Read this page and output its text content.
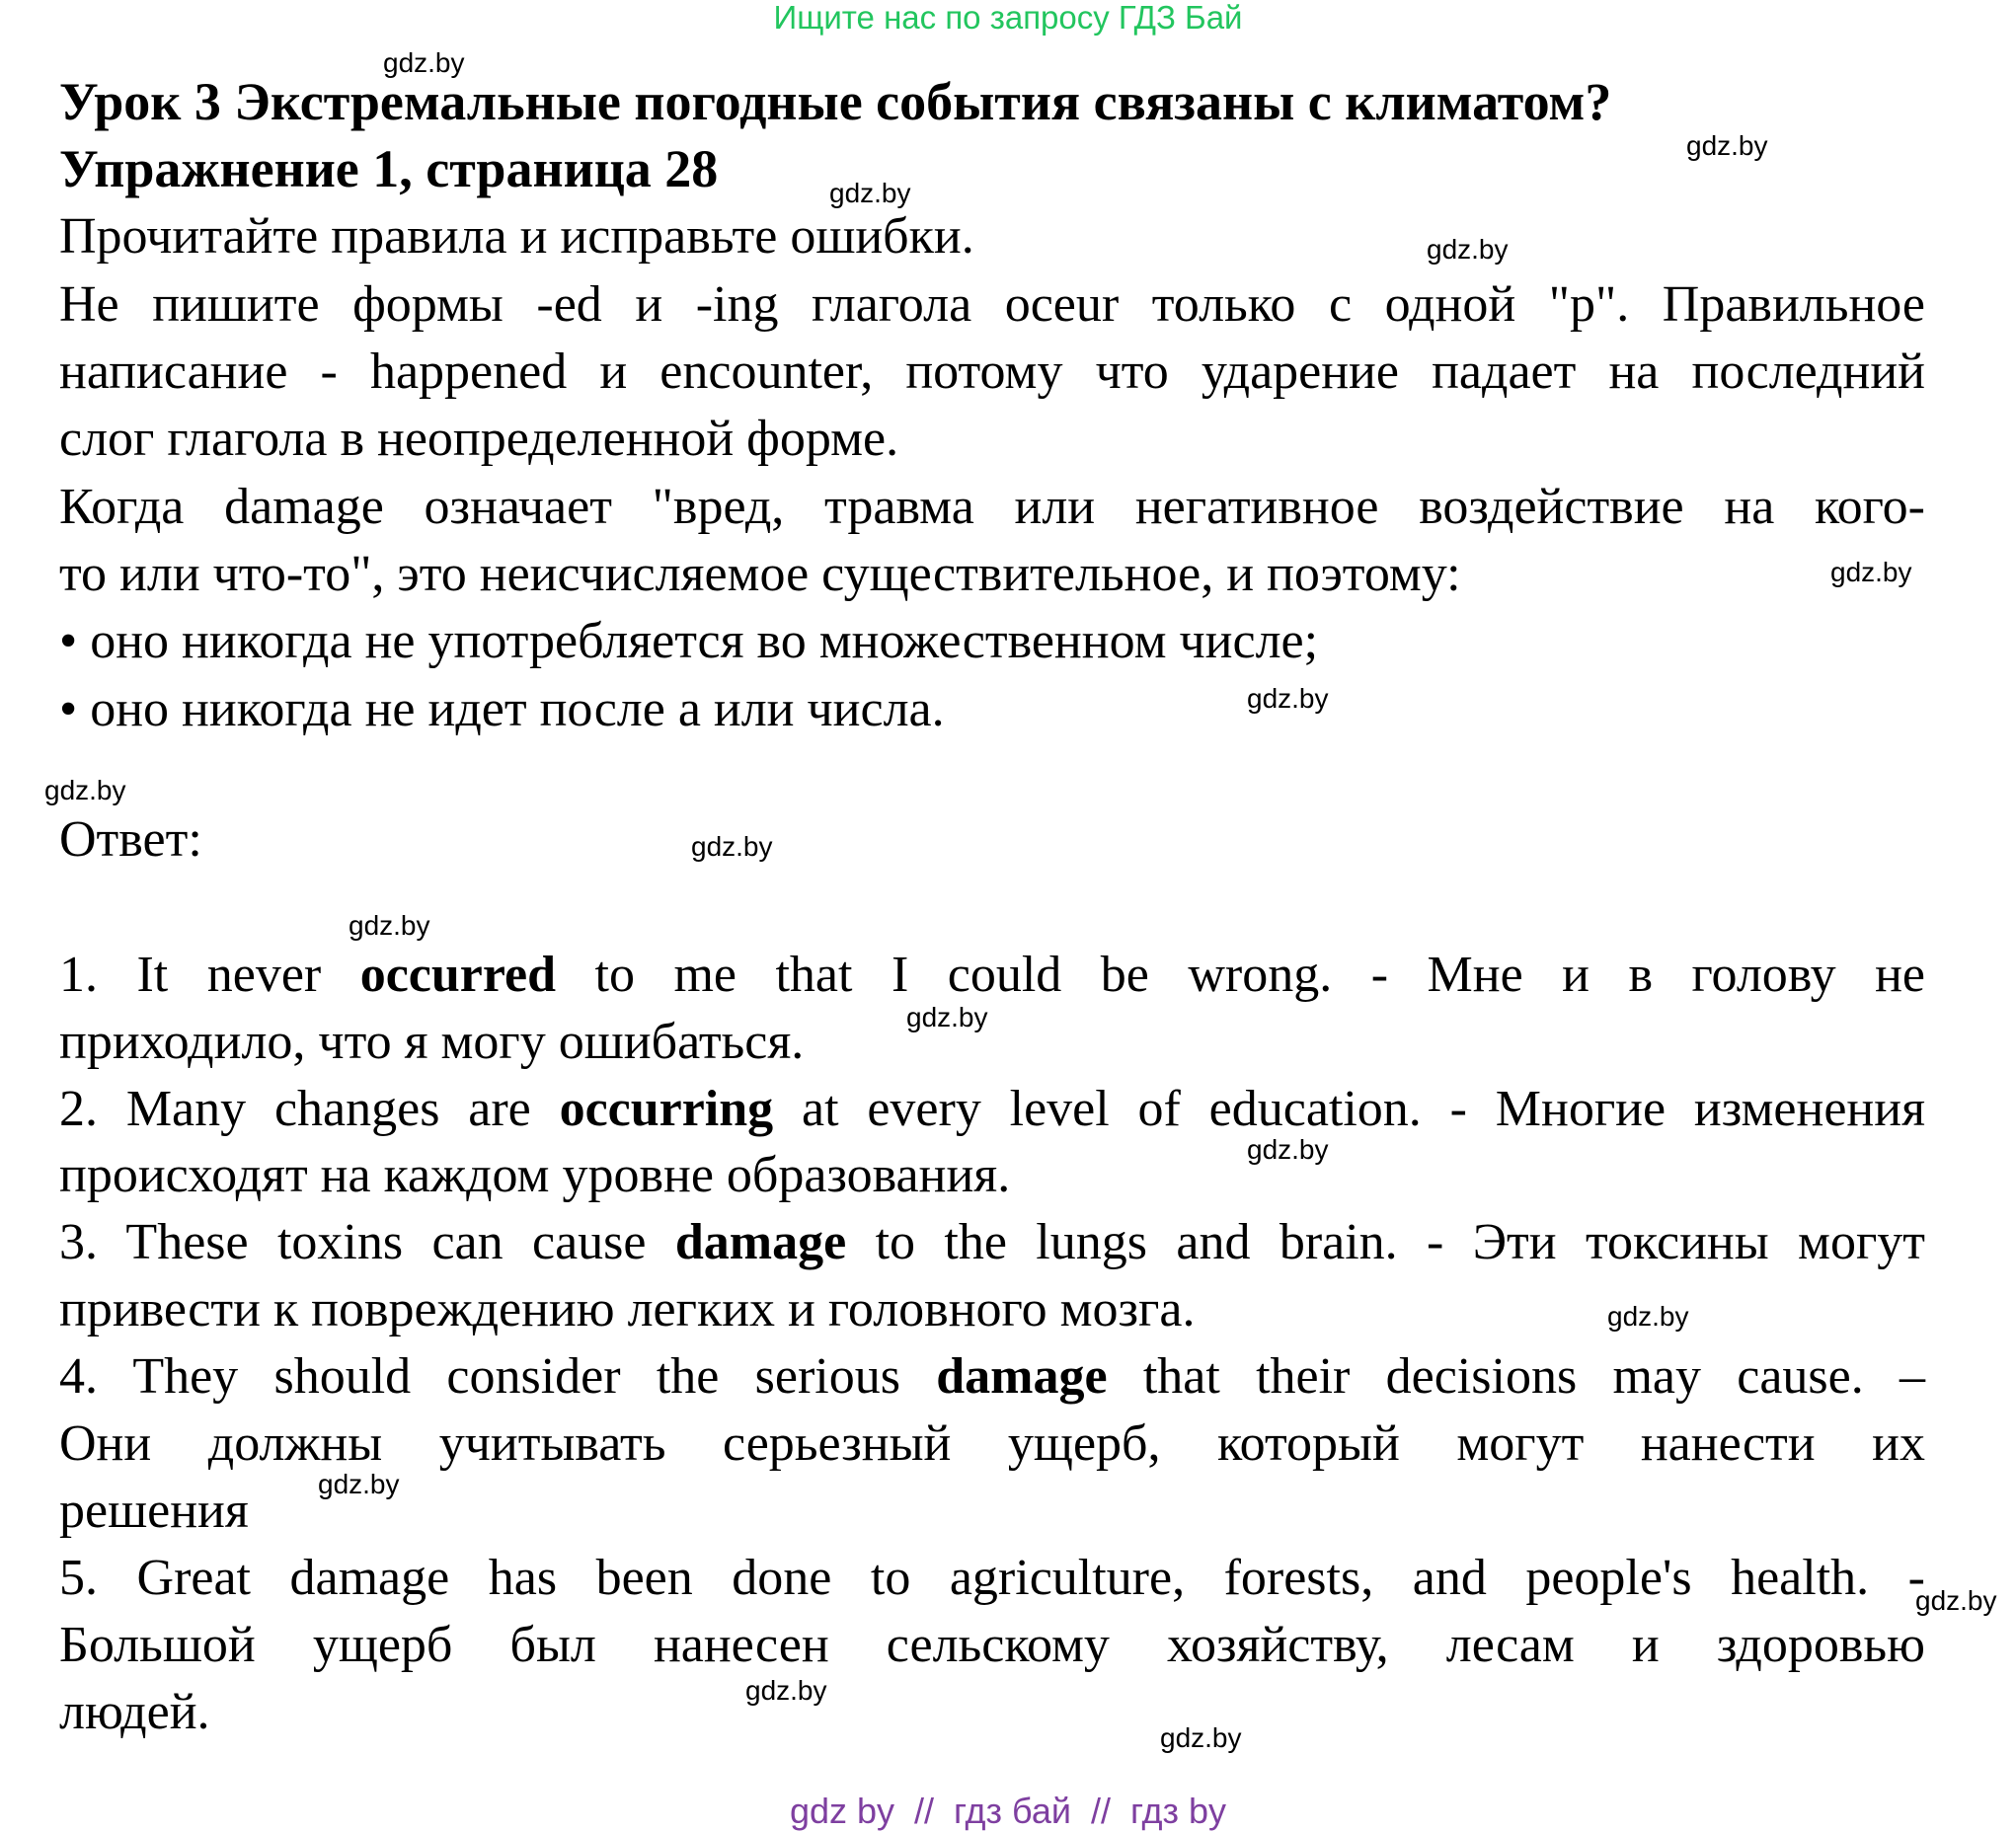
Ищите нас по запросу ГДЗ Бай
Урок 3 Экстремальные погодные события связаны с климатом?
Упражнение 1, страница 28
Прочитайте правила и исправьте ошибки.
Не пишите формы -ed и -ing глагола oceur только с одной "р". Правильное
написание - happened и encounter, потому что ударение падает на последний
слог глагола в неопределенной форме.
Когда damage означает "вред, травма или негативное воздействие на кого-
то или что-то", это неисчисляемое существительное, и поэтому:
• оно никогда не употребляется во множественном числе;
• оно никогда не идет после а или числа.
Ответ:
1. It never occurred to me that I could be wrong. - Мне и в голову не
приходило, что я могу ошибаться.
2. Many changes are occurring at every level of education. - Многие изменения
происходят на каждом уровне образования.
3. These toxins can cause damage to the lungs and brain. - Эти токсины могут
привести к повреждению легких и головного мозга.
4. They should consider the serious damage that their decisions may cause. –
Они должны учитывать серьезный ущерб, который могут нанести их
решения
5. Great damage has been done to agriculture, forests, and people's health. -
Большой ущерб был нанесен сельскому хозяйству, лесам и здоровью
людей.
gdz.by
gdz.by
gdz.by
gdz.by
gdz.by
gdz.by
gdz.by
gdz.by
gdz.by
gdz.by
gdz.by
gdz.by
gdz.by
gdz.by
gdz.by
gdz.by
gdz by  //  гдз бай  //  гдз by
